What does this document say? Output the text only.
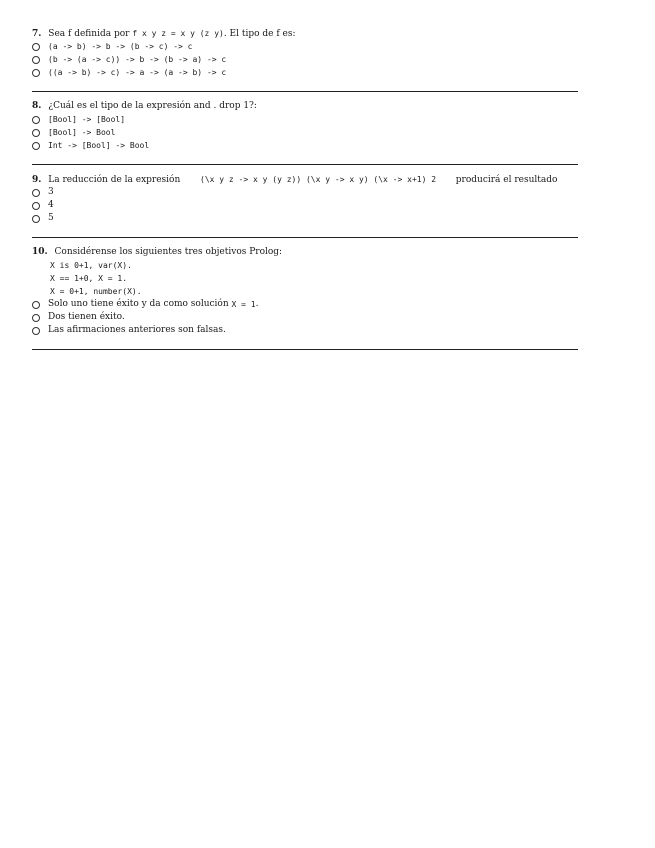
7. Sea f definida por f x y z = x y (z y). El tipo de f es:
(a -> b) -> b -> (b -> c) -> c
(b -> (a -> c)) -> b -> (b -> a) -> c
((a -> b) -> c) -> a -> (a -> b) -> c
8. ¿Cuál es el tipo de la expresión and . drop 1?:
[Bool] -> [Bool]
[Bool] -> Bool
Int -> [Bool] -> Bool
9. La reducción de la expresión (\x y z -> x y (y z)) (\x y -> x y) (\x -> x+1) 2 producirá el resultado
3
4
5
10. Considérense los siguientes tres objetivos Prolog:
X is 0+1, var(X).
X == 1+0, X = 1.
X = 0+1, number(X).
Solo uno tiene éxito y da como solución
X = 1 .
Dos tienen éxito.
Las afirmaciones anteriores son falsas.
